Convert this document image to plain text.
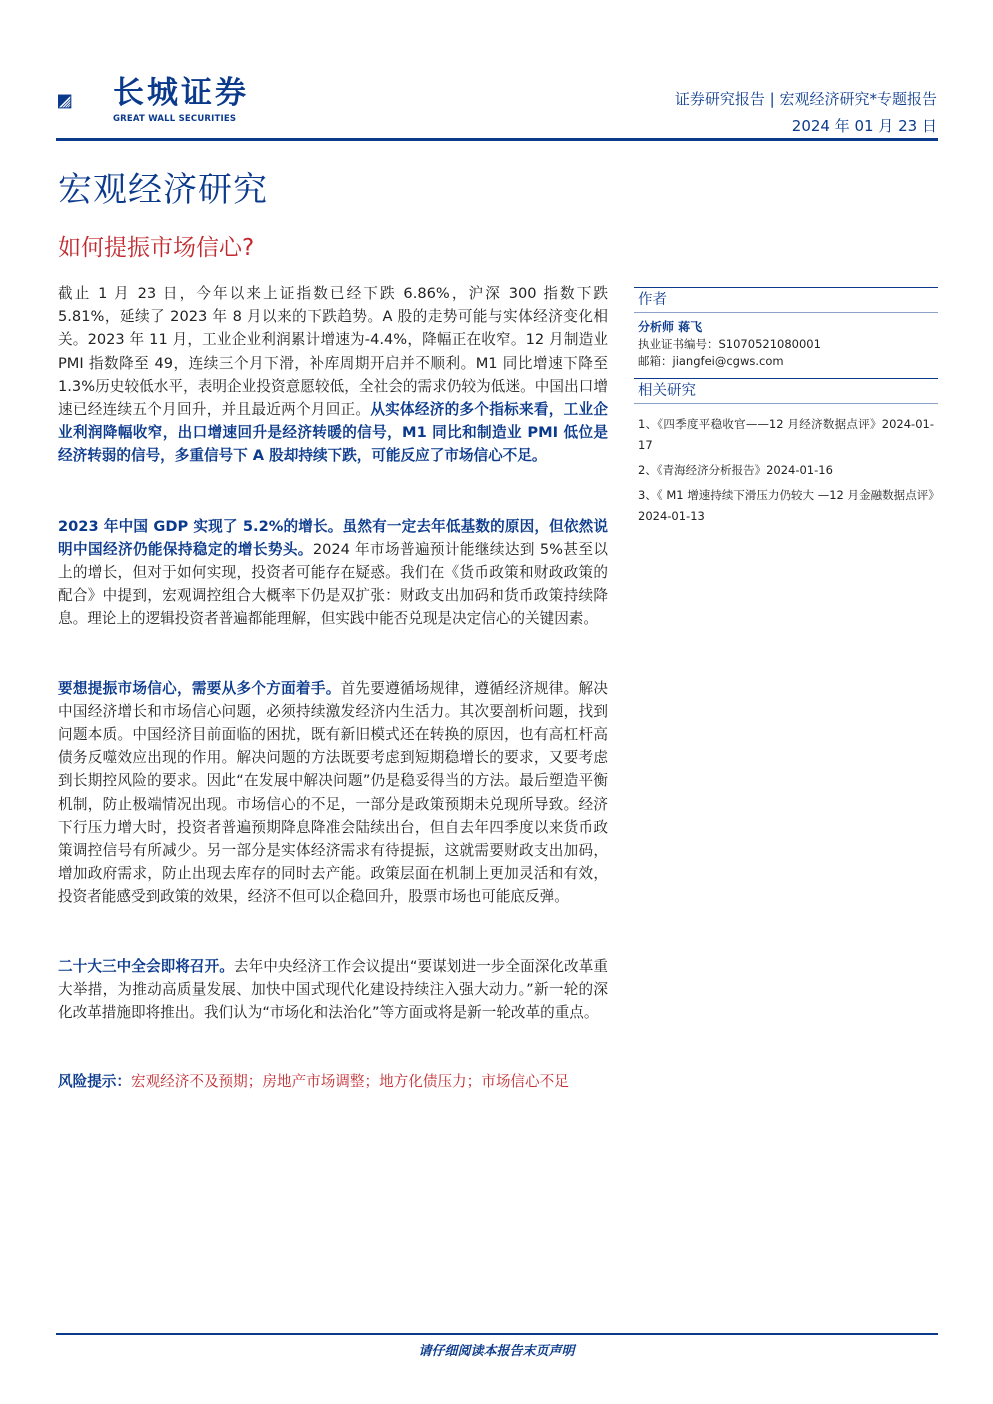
长城证券
GREAT WALL SECURITIES
证券研究报告 | 宏观经济研究*专题报告
2024 年 01 月 23 日
宏观经济研究
如何提振市场信心?

截止 1 月 23 日，今年以来上证指数已经下跌 6.86%，沪深 300 指数下跌 5.81%，延续了 2023 年 8 月以来的下跌趋势。A 股的走势可能与实体经济变化相关。2023 年 11 月，工业企业利润累计增速为-4.4%，降幅正在收窄。12 月制造业 PMI 指数降至 49，连续三个月下滑，补库周期开启并不顺利。M1 同比增速下降至 1.3%历史较低水平，表明企业投资意愿较低，全社会的需求仍较为低迷。中国出口增速已经连续五个月回升，并且最近两个月回正。从实体经济的多个指标来看，工业企业利润降幅收窄，出口增速回升是经济转暖的信号，M1 同比和制造业 PMI 低位是经济转弱的信号，多重信号下 A 股却持续下跌，可能反应了市场信心不足。

2023 年中国 GDP 实现了 5.2%的增长。虽然有一定去年低基数的原因，但依然说明中国经济仍能保持稳定的增长势头。2024 年市场普遍预计能继续达到 5%甚至以上的增长，但对于如何实现，投资者可能存在疑惑。我们在《货币政策和财政政策的配合》中提到，宏观调控组合大概率下仍是双扩张：财政支出加码和货币政策持续降息。理论上的逻辑投资者普遍都能理解，但实践中能否兑现是决定信心的关键因素。

要想提振市场信心，需要从多个方面着手。首先要遵循场规律，遵循经济规律。解决中国经济增长和市场信心问题，必须持续激发经济内生活力。其次要剖析问题，找到问题本质。中国经济目前面临的困扰，既有新旧模式还在转换的原因，也有高杠杆高债务反噬效应出现的作用。解决问题的方法既要考虑到短期稳增长的要求，又要考虑到长期控风险的要求。因此“在发展中解决问题”仍是稳妥得当的方法。最后塑造平衡机制，防止极端情况出现。市场信心的不足，一部分是政策预期未兑现所导致。经济下行压力增大时，投资者普遍预期降息降准会陆续出台，但自去年四季度以来货币政策调控信号有所减少。另一部分是实体经济需求有待提振，这就需要财政支出加码，增加政府需求，防止出现去库存的同时去产能。政策层面在机制上更加灵活和有效，投资者能感受到政策的效果，经济不但可以企稳回升，股票市场也可能底反弹。

二十大三中全会即将召开。去年中央经济工作会议提出“要谋划进一步全面深化改革重大举措，为推动高质量发展、加快中国式现代化建设持续注入强大动力。”新一轮的深化改革措施即将推出。我们认为“市场化和法治化”等方面或将是新一轮改革的重点。

风险提示：宏观经济不及预期；房地产市场调整；地方化债压力；市场信心不足

作者
分析师 蒋飞
执业证书编号：S1070521080001
邮箱：jiangfei@cgws.com
相关研究
1、《四季度平稳收官——12 月经济数据点评》2024-01-17
2、《青海经济分析报告》2024-01-16
3、《 M1 增速持续下滑压力仍较大 —12 月金融数据点评》2024-01-13
请仔细阅读本报告末页声明
